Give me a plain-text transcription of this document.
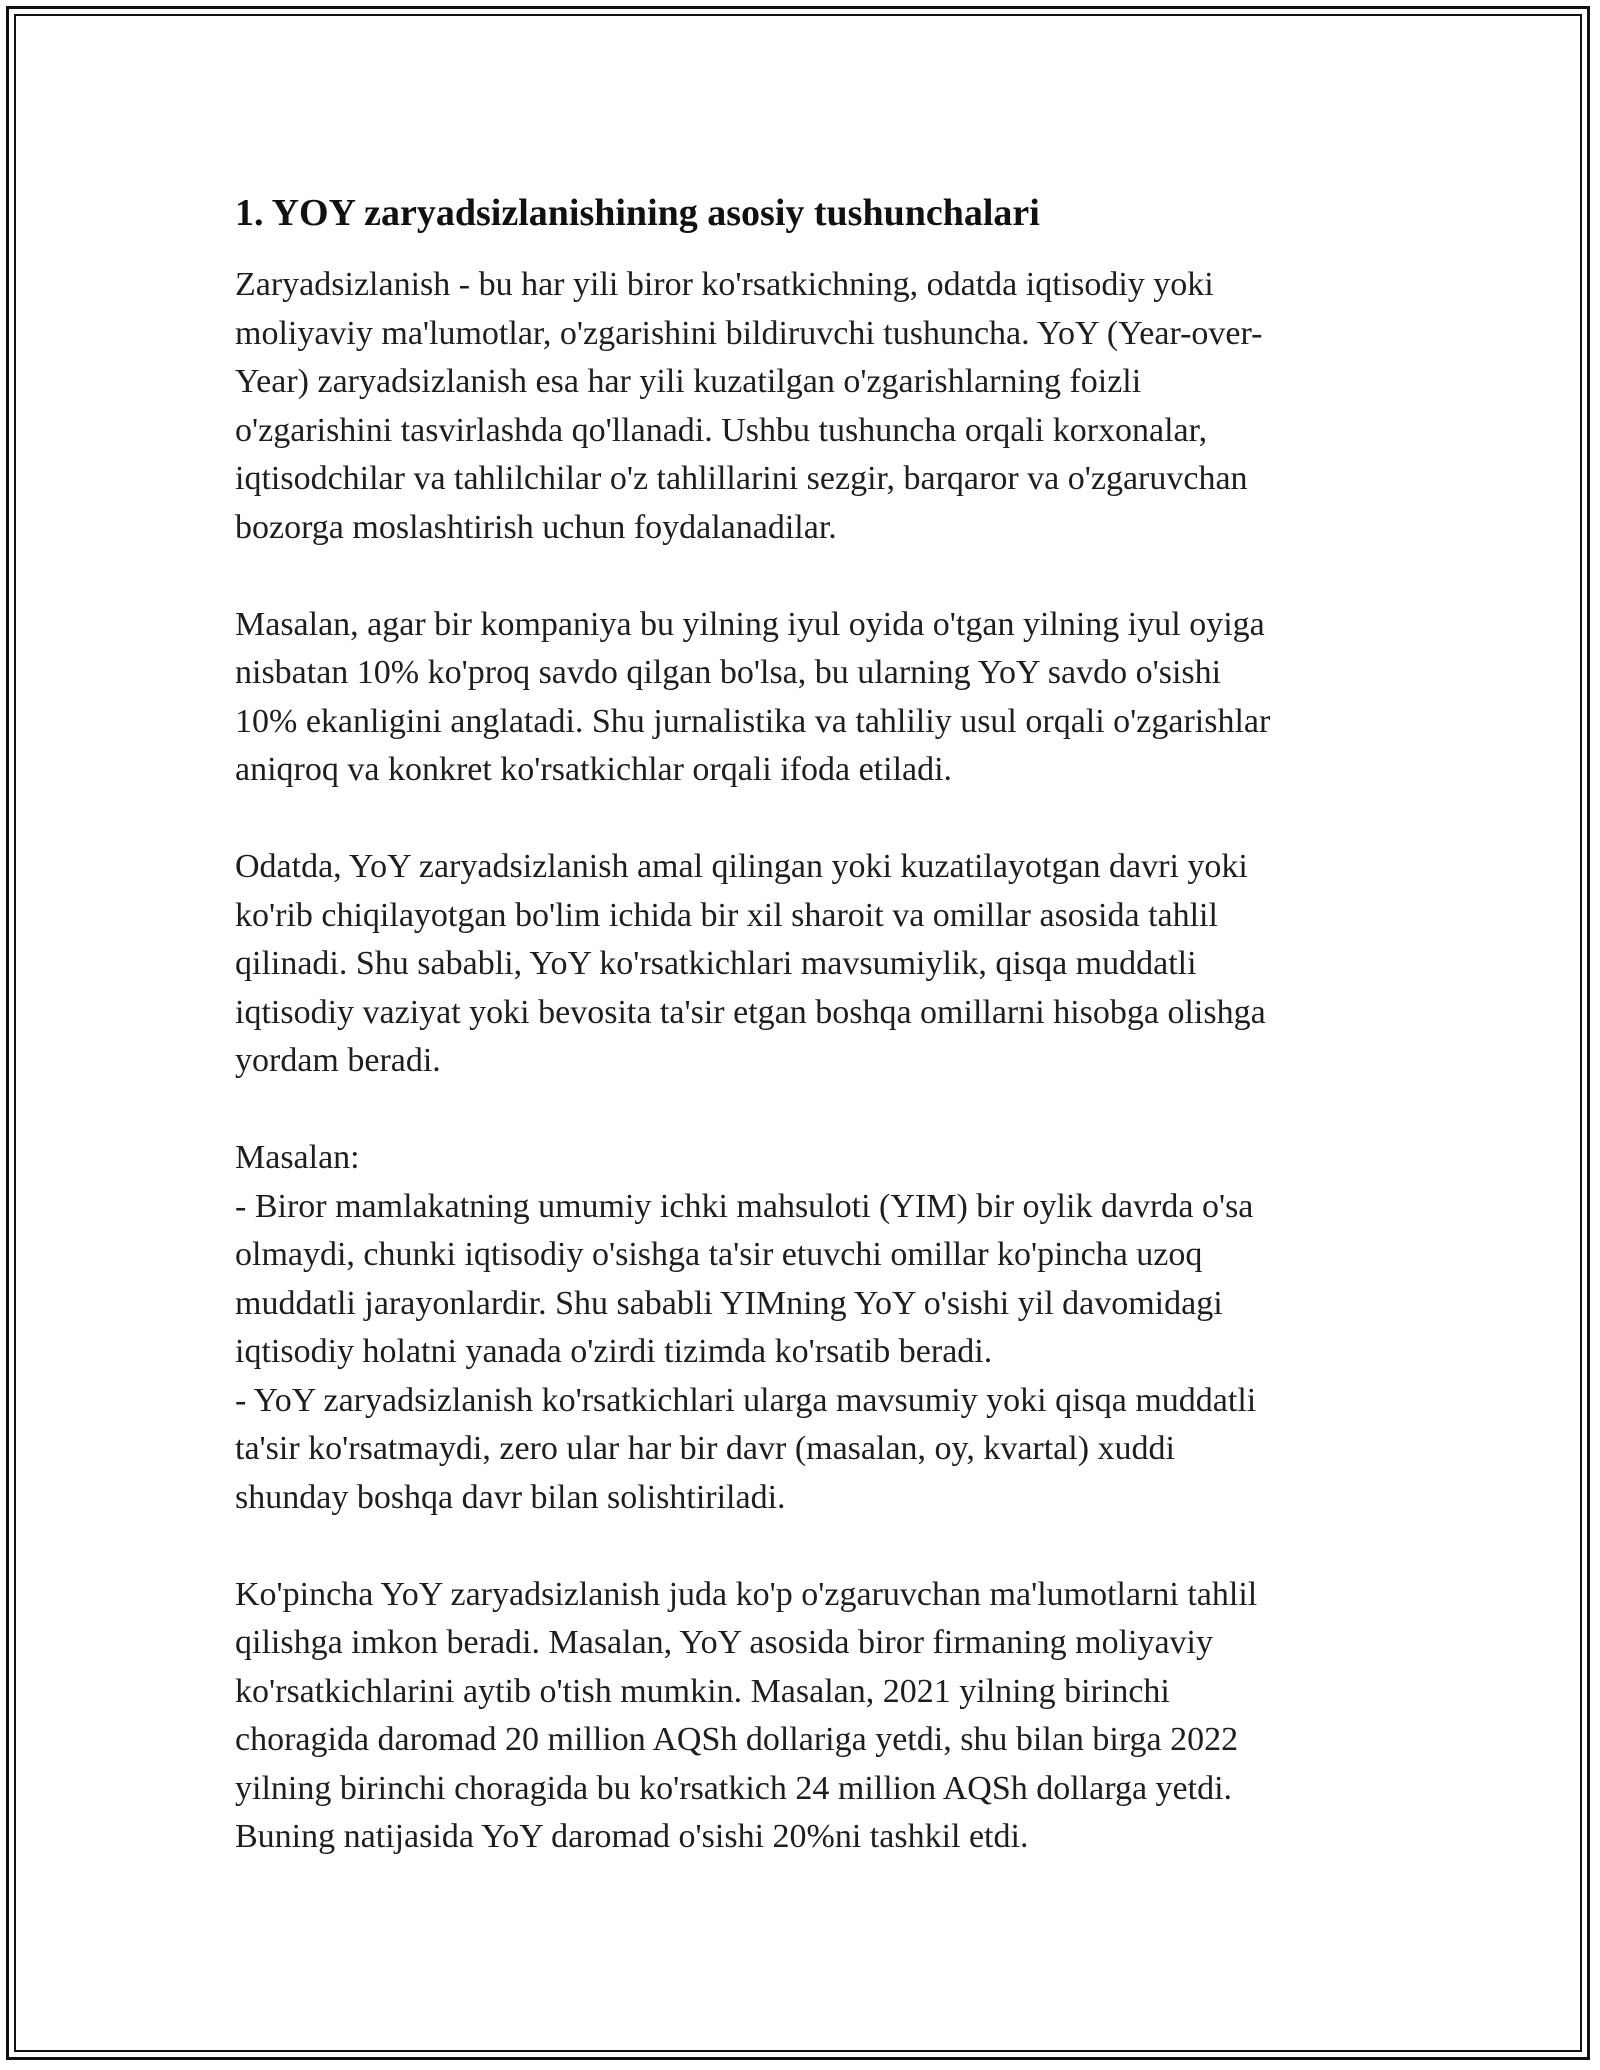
1. YOY zaryadsizlanishining asosiy tushunchalari

Zaryadsizlanish - bu har yili biror ko'rsatkichning, odatda iqtisodiy yoki
moliyaviy ma'lumotlar, o'zgarishini bildiruvchi tushuncha. YoY (Year-over-
Year) zaryadsizlanish esa har yili kuzatilgan o'zgarishlarning foizli
o'zgarishini tasvirlashda qo'llanadi. Ushbu tushuncha orqali korxonalar,
iqtisodchilar va tahlilchilar o'z tahlillarini sezgir, barqaror va o'zgaruvchan
bozorga moslashtirish uchun foydalanadilar.

Masalan, agar bir kompaniya bu yilning iyul oyida o'tgan yilning iyul oyiga
nisbatan 10% ko'proq savdo qilgan bo'lsa, bu ularning YoY savdo o'sishi
10% ekanligini anglatadi. Shu jurnalistika va tahliliy usul orqali o'zgarishlar
aniqroq va konkret ko'rsatkichlar orqali ifoda etiladi.

Odatda, YoY zaryadsizlanish amal qilingan yoki kuzatilayotgan davri yoki
ko'rib chiqilayotgan bo'lim ichida bir xil sharoit va omillar asosida tahlil
qilinadi. Shu sababli, YoY ko'rsatkichlari mavsumiylik, qisqa muddatli
iqtisodiy vaziyat yoki bevosita ta'sir etgan boshqa omillarni hisobga olishga
yordam beradi.

Masalan:
- Biror mamlakatning umumiy ichki mahsuloti (YIM) bir oylik davrda o'sa
olmaydi, chunki iqtisodiy o'sishga ta'sir etuvchi omillar ko'pincha uzoq
muddatli jarayonlardir. Shu sababli YIMning YoY o'sishi yil davomidagi
iqtisodiy holatni yanada o'zirdi tizimda ko'rsatib beradi.
- YoY zaryadsizlanish ko'rsatkichlari ularga mavsumiy yoki qisqa muddatli
ta'sir ko'rsatmaydi, zero ular har bir davr (masalan, oy, kvartal) xuddi
shunday boshqa davr bilan solishtiriladi.

Ko'pincha YoY zaryadsizlanish juda ko'p o'zgaruvchan ma'lumotlarni tahlil
qilishga imkon beradi. Masalan, YoY asosida biror firmaning moliyaviy
ko'rsatkichlarini aytib o'tish mumkin. Masalan, 2021 yilning birinchi
choragida daromad 20 million AQSh dollariga yetdi, shu bilan birga 2022
yilning birinchi choragida bu ko'rsatkich 24 million AQSh dollarga yetdi.
Buning natijasida YoY daromad o'sishi 20%ni tashkil etdi.
